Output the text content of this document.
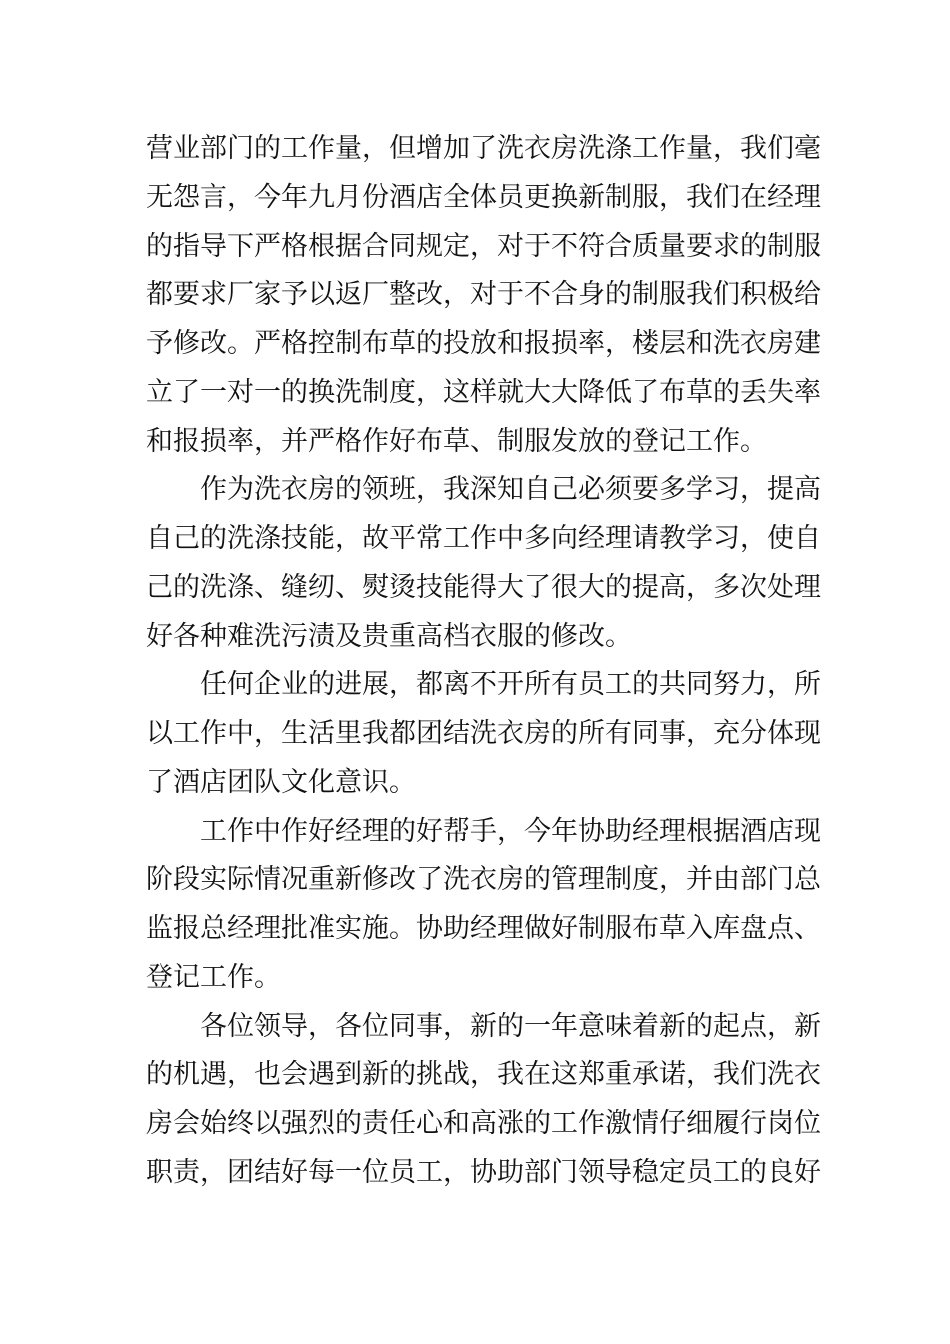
营业部门的工作量，但增加了洗衣房洗涤工作量，我们毫
无怨言，今年九月份酒店全体员更换新制服，我们在经理
的指导下严格根据合同规定，对于不符合质量要求的制服
都要求厂家予以返厂整改，对于不合身的制服我们积极给
予修改。严格控制布草的投放和报损率，楼层和洗衣房建
立了一对一的换洗制度，这样就大大降低了布草的丢失率
和报损率，并严格作好布草、制服发放的登记工作。
作为洗衣房的领班，我深知自己必须要多学习，提高
自己的洗涤技能，故平常工作中多向经理请教学习，使自
己的洗涤、缝纫、熨烫技能得大了很大的提高，多次处理
好各种难洗污渍及贵重高档衣服的修改。
任何企业的进展，都离不开所有员工的共同努力，所
以工作中，生活里我都团结洗衣房的所有同事，充分体现
了酒店团队文化意识。
工作中作好经理的好帮手，今年协助经理根据酒店现
阶段实际情况重新修改了洗衣房的管理制度，并由部门总
监报总经理批准实施。协助经理做好制服布草入库盘点、
登记工作。
各位领导，各位同事，新的一年意味着新的起点，新
的机遇，也会遇到新的挑战，我在这郑重承诺，我们洗衣
房会始终以强烈的责任心和高涨的工作激情仔细履行岗位
职责，团结好每一位员工，协助部门领导稳定员工的良好
